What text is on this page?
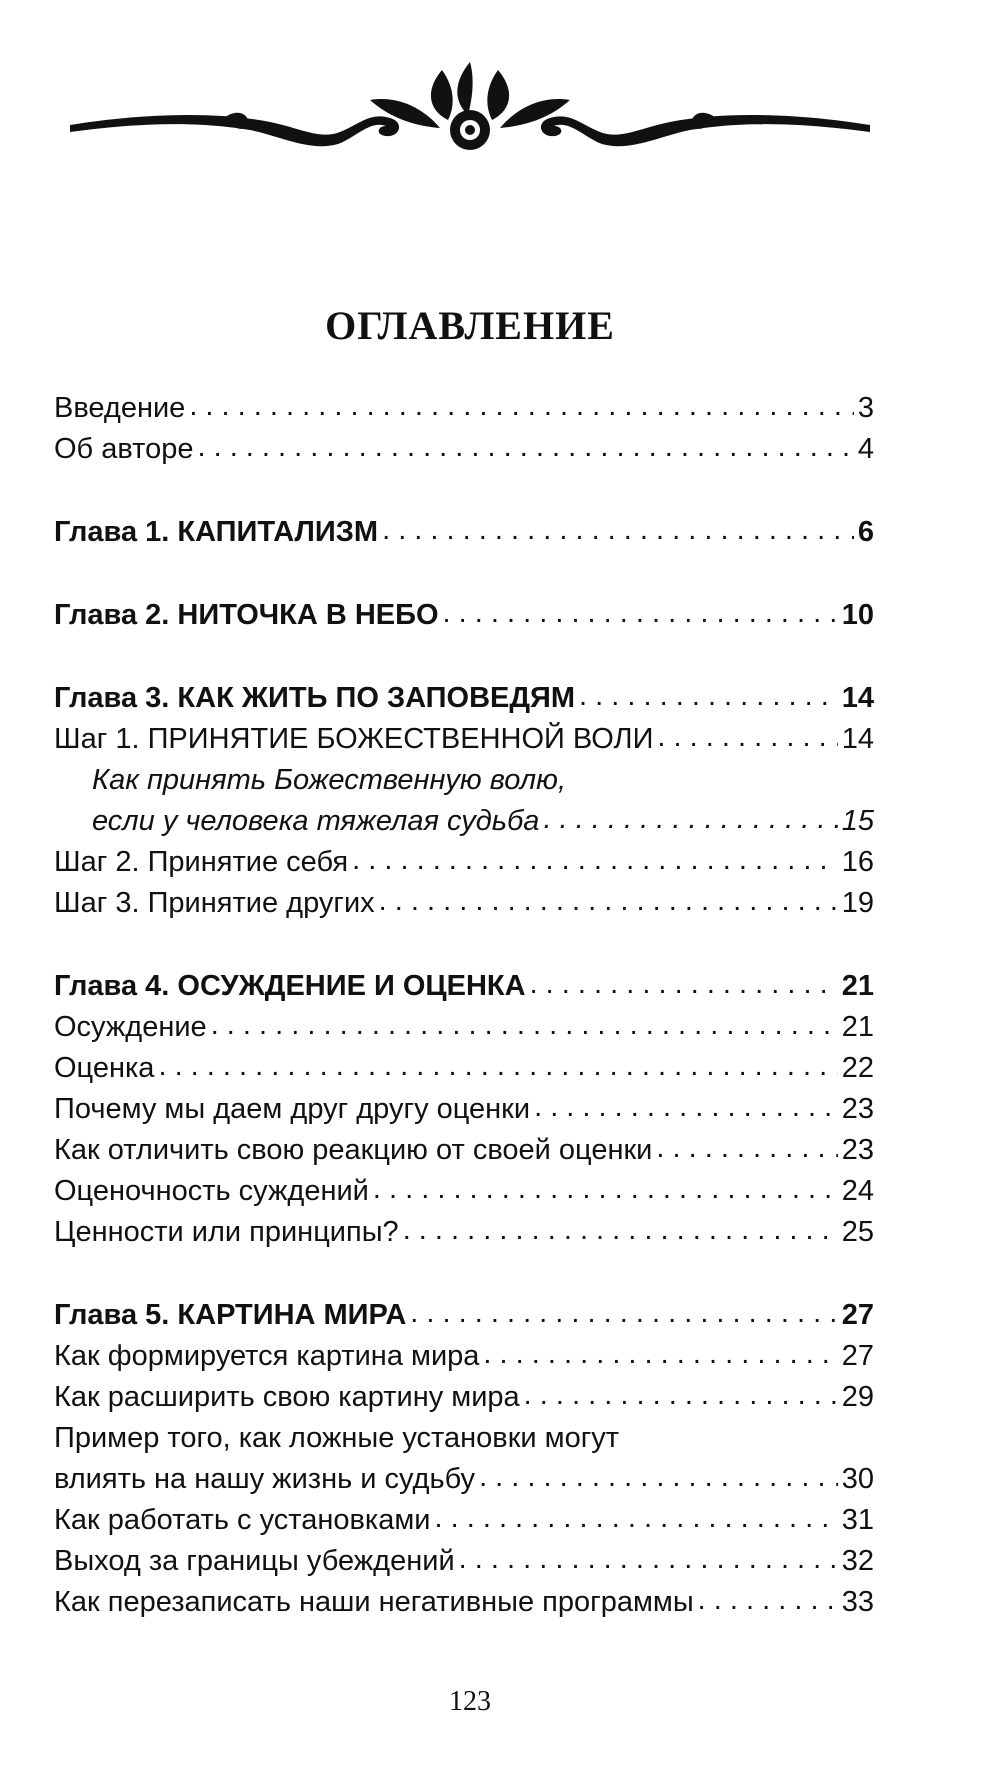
ОГЛАВЛЕНИЕ
Введение . . .	3
Об авторе . . .	4
Глава 1. КАПИТАЛИЗМ . . .	6
Глава 2. НИТОЧКА В НЕБО . . .	10
Глава 3. КАК ЖИТЬ ПО ЗАПОВЕДЯМ . . .	14
Шаг 1. ПРИНЯТИЕ БОЖЕСТВЕННОЙ ВОЛИ . . .	14
Как принять Божественную волю,
если у человека тяжелая судьба . . .	15
Шаг 2. Принятие себя . . .	16
Шаг 3. Принятие других . . .	19
Глава 4. ОСУЖДЕНИЕ И ОЦЕНКА . . .	21
Осуждение . . .	21
Оценка . . .	22
Почему мы даем друг другу оценки . . .	23
Как отличить свою реакцию от своей оценки . . .	23
Оценочность суждений . . .	24
Ценности или принципы? . . .	25
Глава 5. КАРТИНА МИРА . . .	27
Как формируется картина мира . . .	27
Как расширить свою картину мира . . .	29
Пример того, как ложные установки могут
влиять на нашу жизнь и судьбу . . .	30
Как работать с установками . . .	31
Выход за границы убеждений . . .	32
Как перезаписать наши негативные программы . . .	33
123
